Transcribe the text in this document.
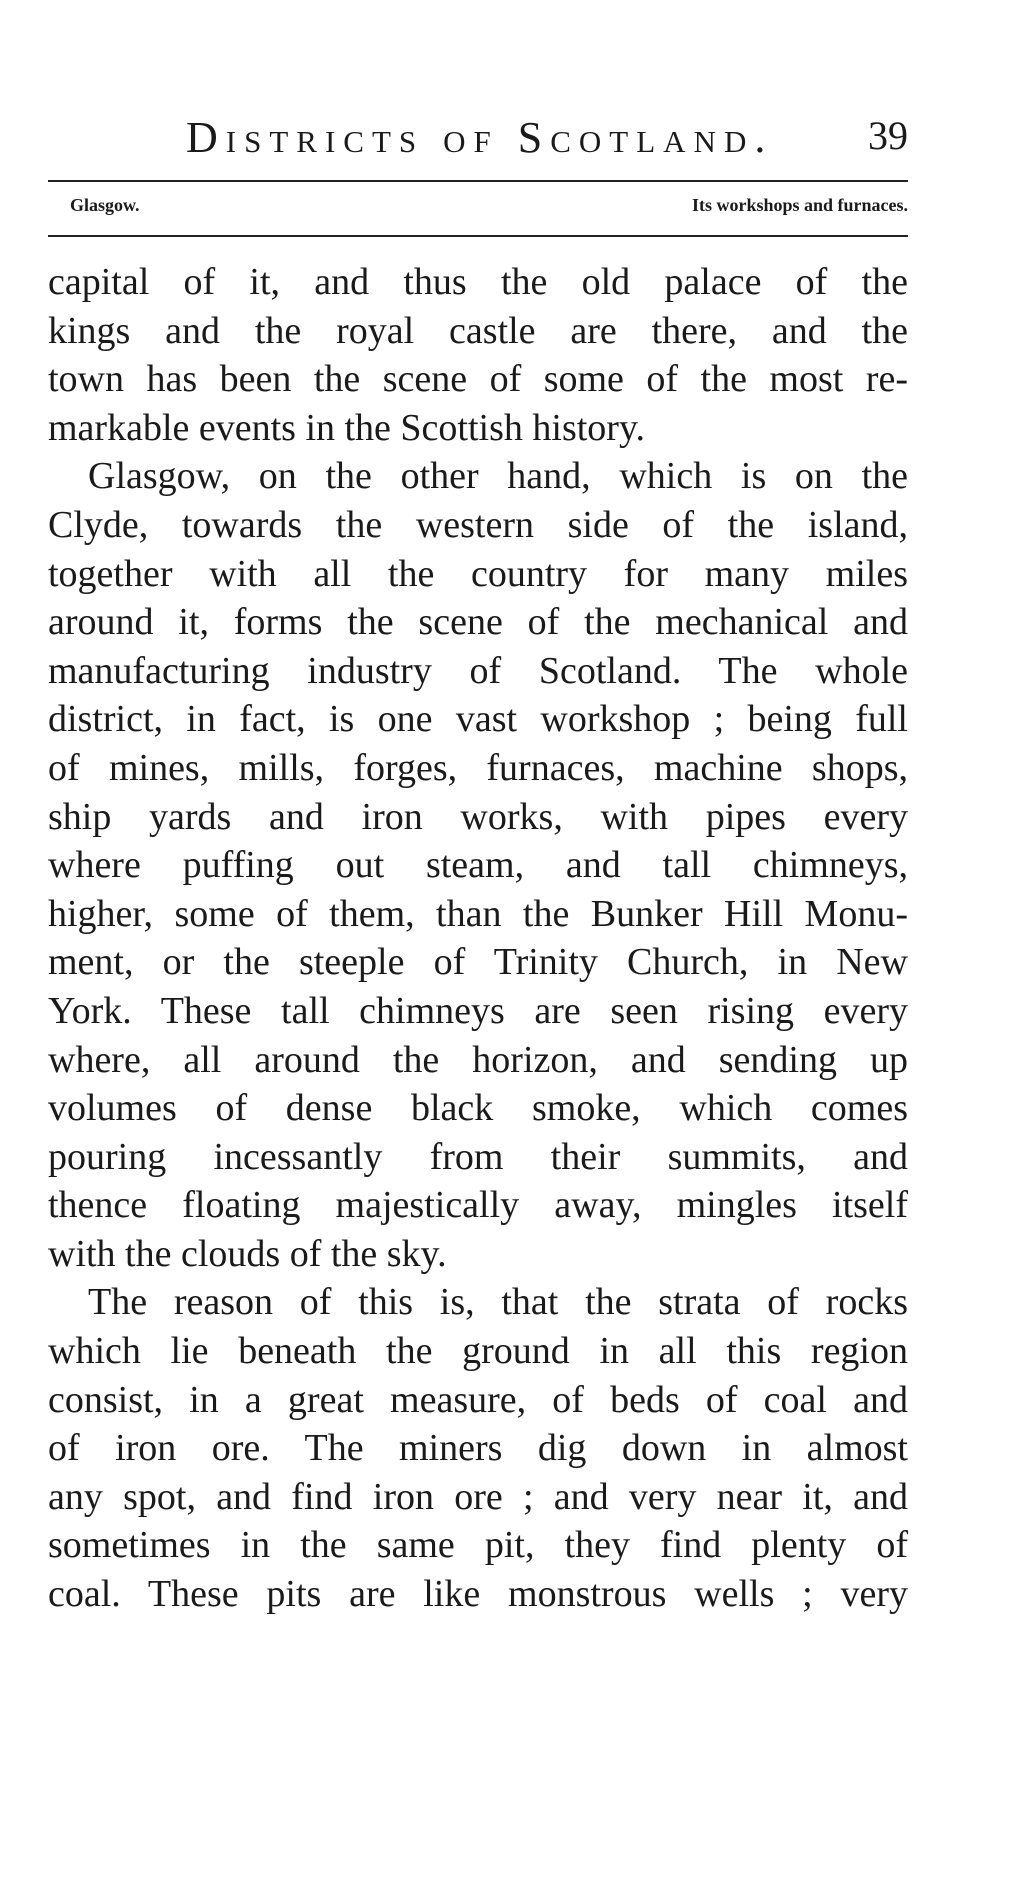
Districts of Scotland. 39
Glasgow.	Its workshops and furnaces.
capital of it, and thus the old palace of the
kings and the royal castle are there, and the
town has been the scene of some of the most re-
markable events in the Scottish history.
Glasgow, on the other hand, which is on the
Clyde, towards the western side of the island,
together with all the country for many miles
around it, forms the scene of the mechanical and
manufacturing industry of Scotland. The whole
district, in fact, is one vast workshop ; being full
of mines, mills, forges, furnaces, machine shops,
ship yards and iron works, with pipes every
where puffing out steam, and tall chimneys,
higher, some of them, than the Bunker Hill Monu-
ment, or the steeple of Trinity Church, in New
York. These tall chimneys are seen rising every
where, all around the horizon, and sending up
volumes of dense black smoke, which comes
pouring incessantly from their summits, and
thence floating majestically away, mingles itself
with the clouds of the sky.
The reason of this is, that the strata of rocks
which lie beneath the ground in all this region
consist, in a great measure, of beds of coal and
of iron ore. The miners dig down in almost
any spot, and find iron ore ; and very near it, and
sometimes in the same pit, they find plenty of
coal. These pits are like monstrous wells ; very
